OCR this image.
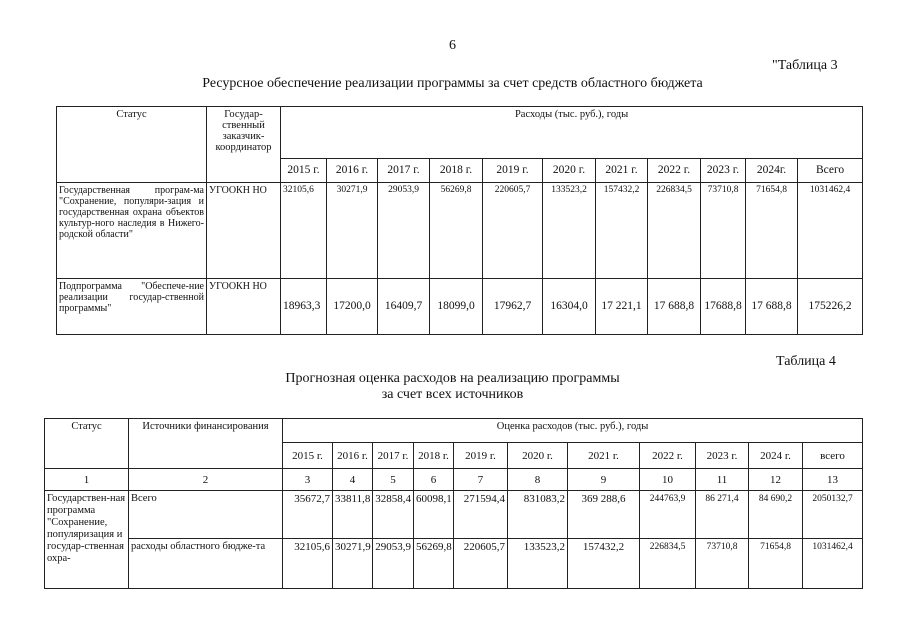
6
"Таблица 3
Ресурсное обеспечение реализации программы за счет средств областного бюджета
Статус	Государ-ственный заказчик-координатор	Расходы (тыс. руб.), годы										
		2015 г.	2016 г.	2017 г.	2018 г.	2019 г.	2020 г.	2021 г.	2022 г.	2023 г.	2024г.	Всего
Государственная програм-ма "Сохранение, популяри-зация и государственная охрана объектов культур-ного наследия в Нижего-родской области"	УГООКН НО	32105,6	30271,9	29053,9	56269,8	220605,7	133523,2	157432,2	226834,5	73710,8	71654,8	1031462,4
Подпрограмма "Обеспече-ние реализации государ-ственной программы"	УГООКН НО	18963,3	17200,0	16409,7	18099,0	17962,7	16304,0	17 221,1	17 688,8	17688,8	17 688,8	175226,2
Таблица 4
Прогнозная оценка расходов на реализацию программы
за счет всех источников
Статус	Источники финансирования	Оценка расходов (тыс. руб.), годы										
		2015 г.	2016 г.	2017 г.	2018 г.	2019 г.	2020 г.	2021 г.	2022 г.	2023 г.	2024 г.	всего
1	2	3	4	5	6	7	8	9	10	11	12	13
Государствен-ная программа "Сохранение, популяризация и государ-ственная охра-	Всего	35672,7	33811,8	32858,4	60098,1	271594,4	831083,2	369 288,6	244763,9	86 271,4	84 690,2	2050132,7
	расходы областного бюдже-та	32105,6	30271,9	29053,9	56269,8	220605,7	133523,2	157432,2	226834,5	73710,8	71654,8	1031462,4
